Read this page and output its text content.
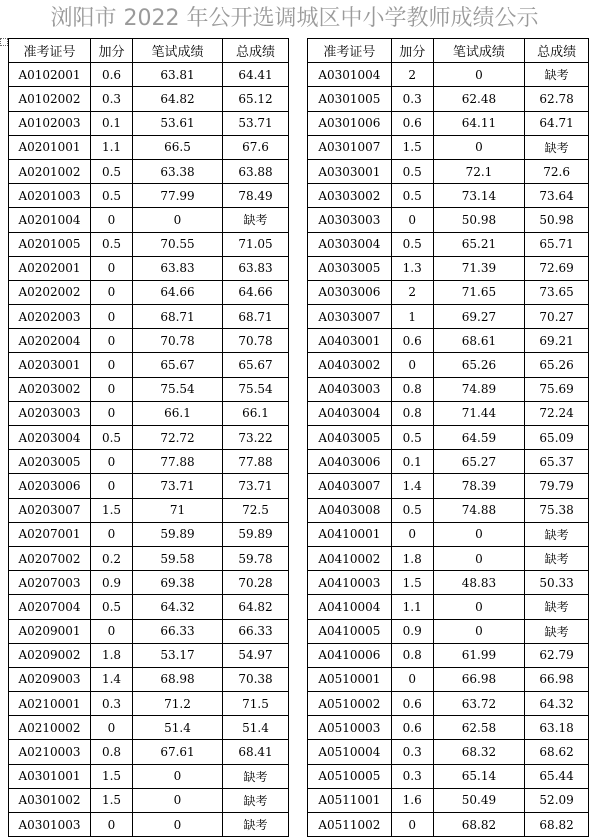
浏阳市 2022 年公开选调城区中小学教师成绩公示
准考证号	加分	笔试成绩	总成绩
A0102001	0.6	63.81	64.41
A0102002	0.3	64.82	65.12
A0102003	0.1	53.61	53.71
A0201001	1.1	66.5	67.6
A0201002	0.5	63.38	63.88
A0201003	0.5	77.99	78.49
A0201004	0	0	缺考
A0201005	0.5	70.55	71.05
A0202001	0	63.83	63.83
A0202002	0	64.66	64.66
A0202003	0	68.71	68.71
A0202004	0	70.78	70.78
A0203001	0	65.67	65.67
A0203002	0	75.54	75.54
A0203003	0	66.1	66.1
A0203004	0.5	72.72	73.22
A0203005	0	77.88	77.88
A0203006	0	73.71	73.71
A0203007	1.5	71	72.5
A0207001	0	59.89	59.89
A0207002	0.2	59.58	59.78
A0207003	0.9	69.38	70.28
A0207004	0.5	64.32	64.82
A0209001	0	66.33	66.33
A0209002	1.8	53.17	54.97
A0209003	1.4	68.98	70.38
A0210001	0.3	71.2	71.5
A0210002	0	51.4	51.4
A0210003	0.8	67.61	68.41
A0301001	1.5	0	缺考
A0301002	1.5	0	缺考
A0301003	0	0	缺考
准考证号	加分	笔试成绩	总成绩
A0301004	2	0	缺考
A0301005	0.3	62.48	62.78
A0301006	0.6	64.11	64.71
A0301007	1.5	0	缺考
A0303001	0.5	72.1	72.6
A0303002	0.5	73.14	73.64
A0303003	0	50.98	50.98
A0303004	0.5	65.21	65.71
A0303005	1.3	71.39	72.69
A0303006	2	71.65	73.65
A0303007	1	69.27	70.27
A0403001	0.6	68.61	69.21
A0403002	0	65.26	65.26
A0403003	0.8	74.89	75.69
A0403004	0.8	71.44	72.24
A0403005	0.5	64.59	65.09
A0403006	0.1	65.27	65.37
A0403007	1.4	78.39	79.79
A0403008	0.5	74.88	75.38
A0410001	0	0	缺考
A0410002	1.8	0	缺考
A0410003	1.5	48.83	50.33
A0410004	1.1	0	缺考
A0410005	0.9	0	缺考
A0410006	0.8	61.99	62.79
A0510001	0	66.98	66.98
A0510002	0.6	63.72	64.32
A0510003	0.6	62.58	63.18
A0510004	0.3	68.32	68.62
A0510005	0.3	65.14	65.44
A0511001	1.6	50.49	52.09
A0511002	0	68.82	68.82
